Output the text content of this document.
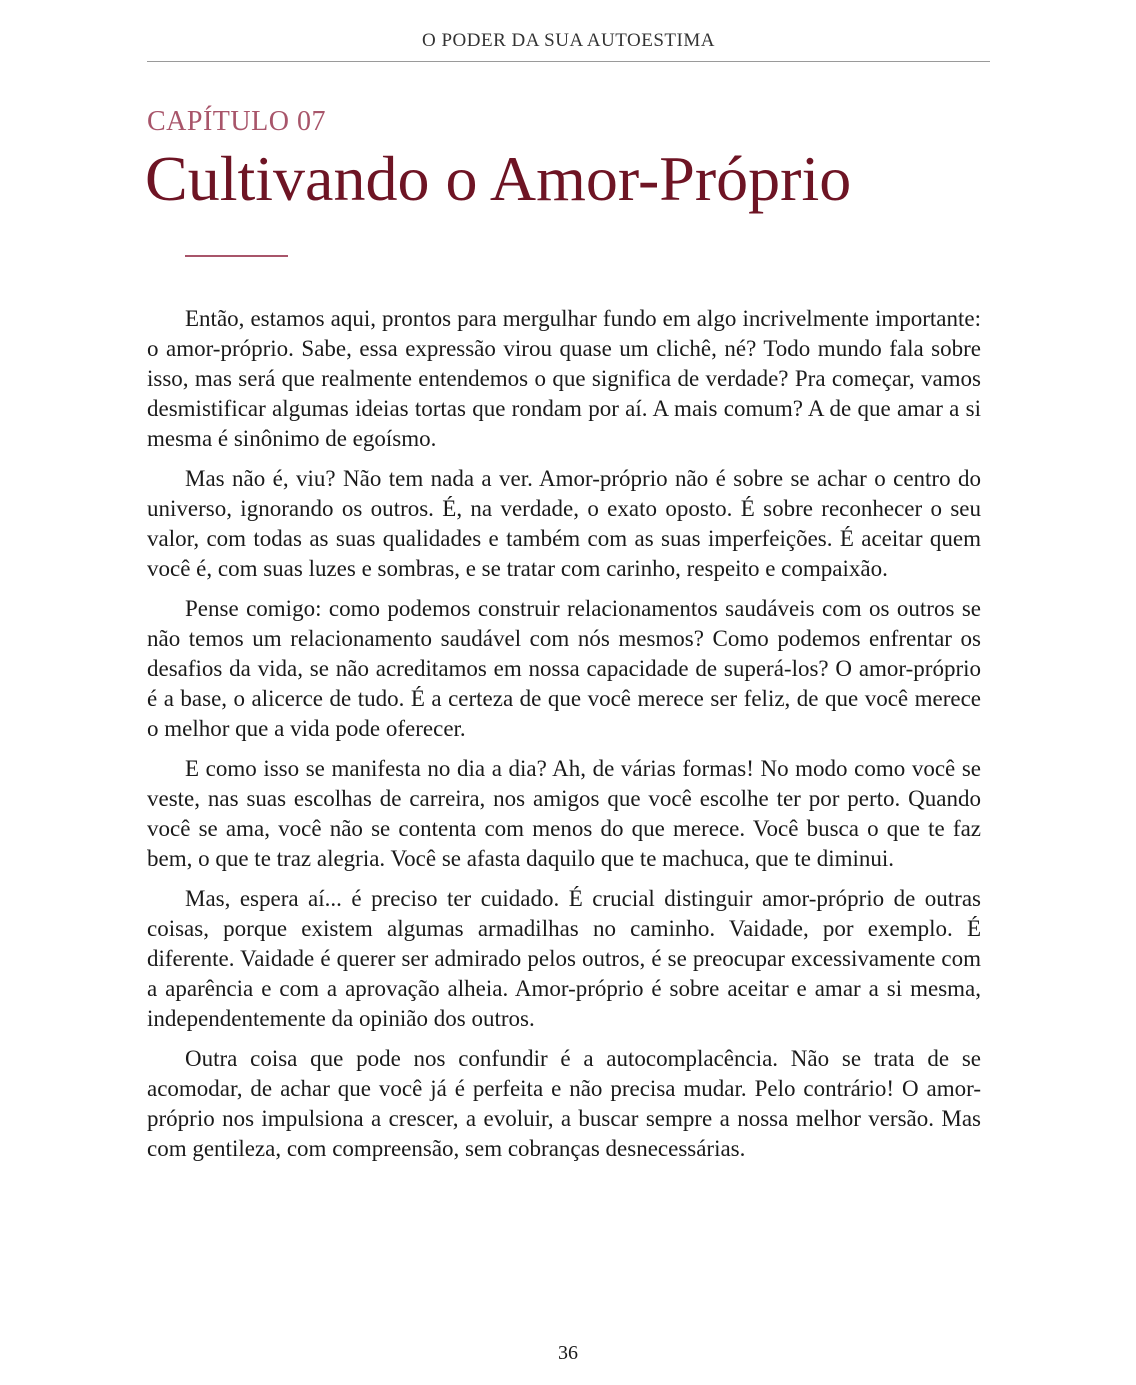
O PODER DA SUA AUTOESTIMA
CAPÍTULO 07
Cultivando o Amor-Próprio

Então, estamos aqui, prontos para mergulhar fundo em algo incrivelmente importante: o amor-próprio. Sabe, essa expressão virou quase um clichê, né? Todo mundo fala sobre isso, mas será que realmente entendemos o que significa de verdade? Pra começar, vamos desmistificar algumas ideias tortas que rondam por aí. A mais comum? A de que amar a si mesma é sinônimo de egoísmo.

Mas não é, viu? Não tem nada a ver. Amor-próprio não é sobre se achar o centro do universo, ignorando os outros. É, na verdade, o exato oposto. É sobre reconhecer o seu valor, com todas as suas qualidades e também com as suas imperfeições. É aceitar quem você é, com suas luzes e sombras, e se tratar com carinho, respeito e compaixão.

Pense comigo: como podemos construir relacionamentos saudáveis com os outros se não temos um relacionamento saudável com nós mesmos? Como podemos enfrentar os desafios da vida, se não acreditamos em nossa capacidade de superá-los? O amor-próprio é a base, o alicerce de tudo. É a certeza de que você merece ser feliz, de que você merece o melhor que a vida pode oferecer.

E como isso se manifesta no dia a dia? Ah, de várias formas! No modo como você se veste, nas suas escolhas de carreira, nos amigos que você escolhe ter por perto. Quando você se ama, você não se contenta com menos do que merece. Você busca o que te faz bem, o que te traz alegria. Você se afasta daquilo que te machuca, que te diminui.

Mas, espera aí... é preciso ter cuidado. É crucial distinguir amor-próprio de outras coisas, porque existem algumas armadilhas no caminho. Vaidade, por exemplo. É diferente. Vaidade é querer ser admirado pelos outros, é se preocupar excessivamente com a aparência e com a aprovação alheia. Amor-próprio é sobre aceitar e amar a si mesma, independentemente da opinião dos outros.

Outra coisa que pode nos confundir é a autocomplacência. Não se trata de se acomodar, de achar que você já é perfeita e não precisa mudar. Pelo contrário! O amor-próprio nos impulsiona a crescer, a evoluir, a buscar sempre a nossa melhor versão. Mas com gentileza, com compreensão, sem cobranças desnecessárias.

36
